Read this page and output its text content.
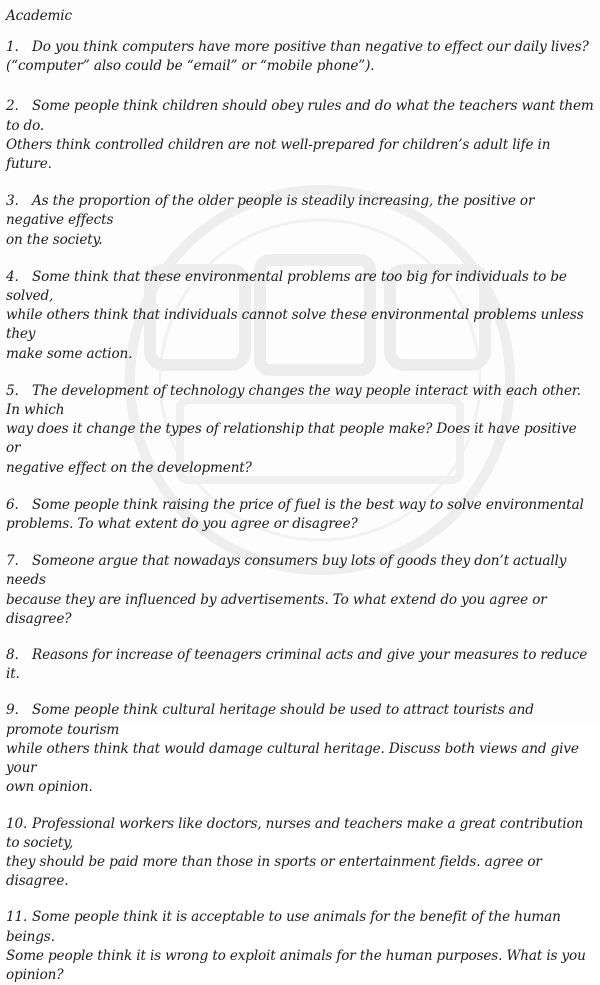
Academic
1. Do you think computers have more positive than negative to effect our daily lives?
(“computer” also could be “email” or “mobile phone”).
2. Some people think children should obey rules and do what the teachers want them to do.
Others think controlled children are not well-prepared for children’s adult life in future.
3. As the proportion of the older people is steadily increasing, the positive or negative effects
on the society.
4. Some think that these environmental problems are too big for individuals to be solved,
while others think that individuals cannot solve these environmental problems unless they
make some action.
5. The development of technology changes the way people interact with each other. In which
way does it change the types of relationship that people make? Does it have positive or
negative effect on the development?
6. Some people think raising the price of fuel is the best way to solve environmental
problems. To what extent do you agree or disagree?
7. Someone argue that nowadays consumers buy lots of goods they don’t actually needs
because they are influenced by advertisements. To what extend do you agree or disagree?
8. Reasons for increase of teenagers criminal acts and give your measures to reduce it.
9. Some people think cultural heritage should be used to attract tourists and promote tourism
while others think that would damage cultural heritage. Discuss both views and give your
own opinion.
10. Professional workers like doctors, nurses and teachers make a great contribution to society,
they should be paid more than those in sports or entertainment fields. agree or disagree.
11. Some people think it is acceptable to use animals for the benefit of the human beings.
Some people think it is wrong to exploit animals for the human purposes. What is you
opinion?
